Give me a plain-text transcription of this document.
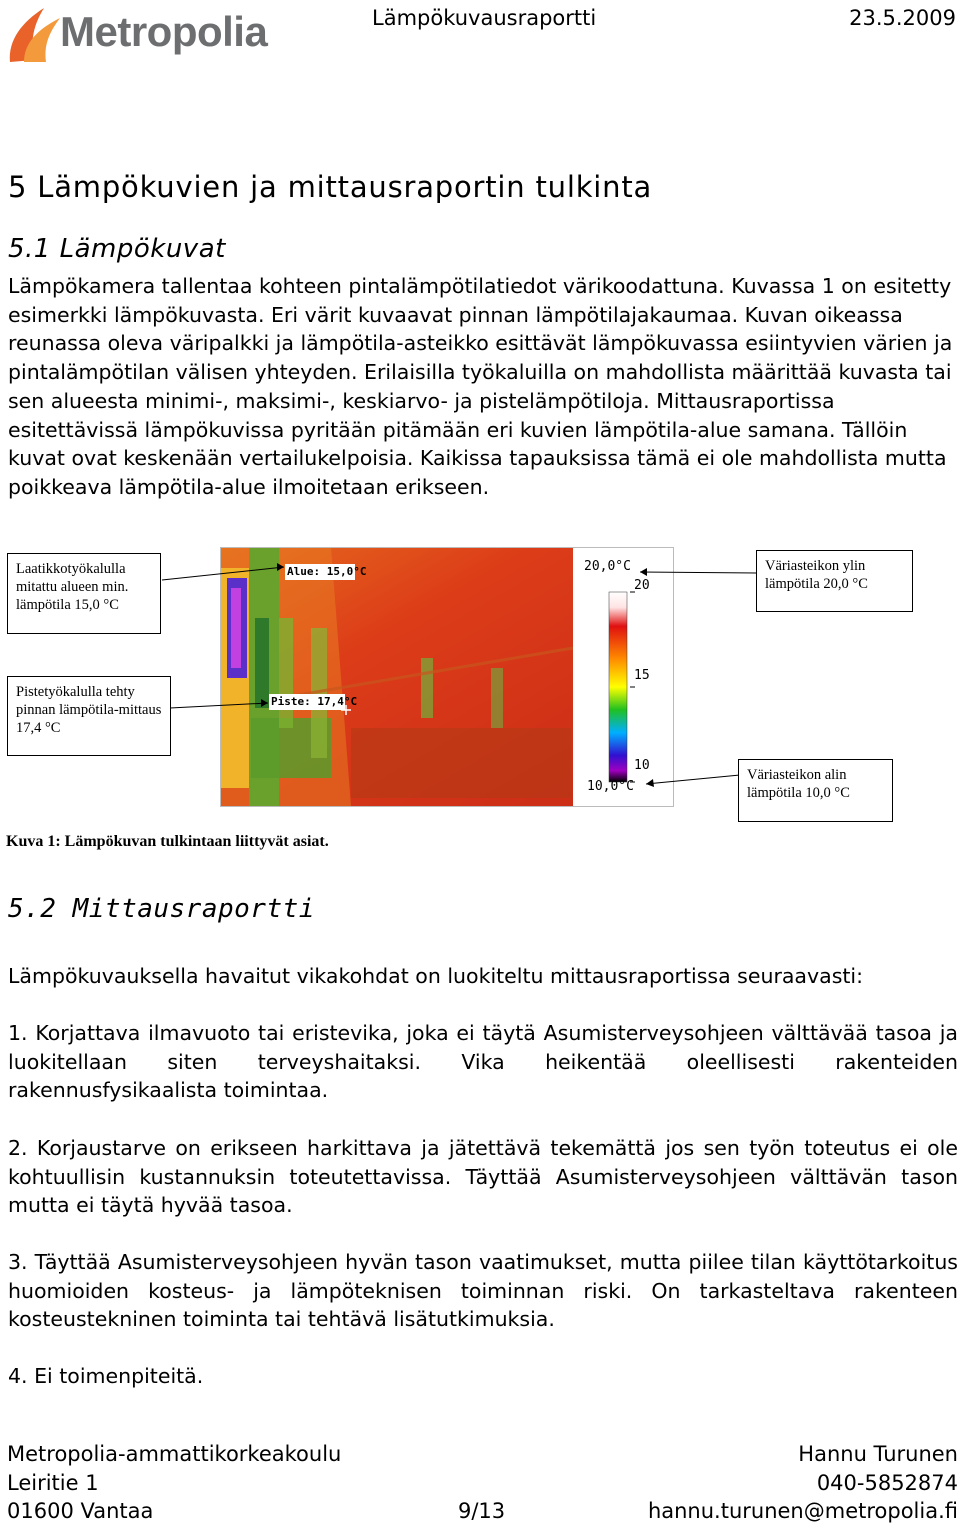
Metropolia	Lämpökuvausraportti	23.5.2009
5 Lämpökuvien ja mittausraportin tulkinta
5.1 Lämpökuvat
Lämpökamera tallentaa kohteen pintalämpötilatiedot värikoodattuna. Kuvassa 1 on esitetty esimerkki lämpökuvasta. Eri värit kuvaavat pinnan lämpötilajakaumaa. Kuvan oikeassa reunassa oleva väripalkki ja lämpötila-asteikko esittävät lämpökuvassa esiintyvien värien ja pintalämpötilan välisen yhteyden. Erilaisilla työkaluilla on mahdollista määrittää kuvasta tai sen alueesta minimi-, maksimi-, keskiarvo- ja pistelämpötiloja. Mittausraportissa esitettävissä lämpökuvissa pyritään pitämään eri kuvien lämpötila-alue samana. Tällöin kuvat ovat keskenään vertailukelpoisia. Kaikissa tapauksissa tämä ei ole mahdollista mutta poikkeava lämpötila-alue ilmoitetaan erikseen.
Alue: 15,0°C
Piste: 17,4°C
20,0°C
20
15
10
10,0°C
Laatikkotyökalulla mitattu alueen min. lämpötila 15,0 °C
Pistetyökalulla tehty pinnan lämpötila-mittaus 17,4 °C
Väriasteikon ylin lämpötila 20,0 °C
Väriasteikon alin lämpötila 10,0 °C
Kuva 1: Lämpökuvan tulkintaan liittyvät asiat.
5.2 Mittausraportti
Lämpökuvauksella havaitut vikakohdat on luokiteltu mittausraportissa seuraavasti:
1. Korjattava ilmavuoto tai eristevika, joka ei täytä Asumisterveysohjeen välttävää tasoa ja luokitellaan siten terveyshaitaksi. Vika heikentää oleellisesti rakenteiden rakennusfysikaalista toimintaa.
2. Korjaustarve on erikseen harkittava ja jätettävä tekemättä jos sen työn toteutus ei ole kohtuullisin kustannuksin toteutettavissa. Täyttää Asumisterveysohjeen välttävän tason mutta ei täytä hyvää tasoa.
3. Täyttää Asumisterveysohjeen hyvän tason vaatimukset, mutta piilee tilan käyttötarkoitus huomioiden kosteus- ja lämpöteknisen toiminnan riski. On tarkasteltava rakenteen kosteustekninen toiminta tai tehtävä lisätutkimuksia.
4. Ei toimenpiteitä.
Metropolia-ammattikorkeakoulu
Leiritie 1
01600 Vantaa	9/13
Hannu Turunen
040-5852874
hannu.turunen@metropolia.fi
